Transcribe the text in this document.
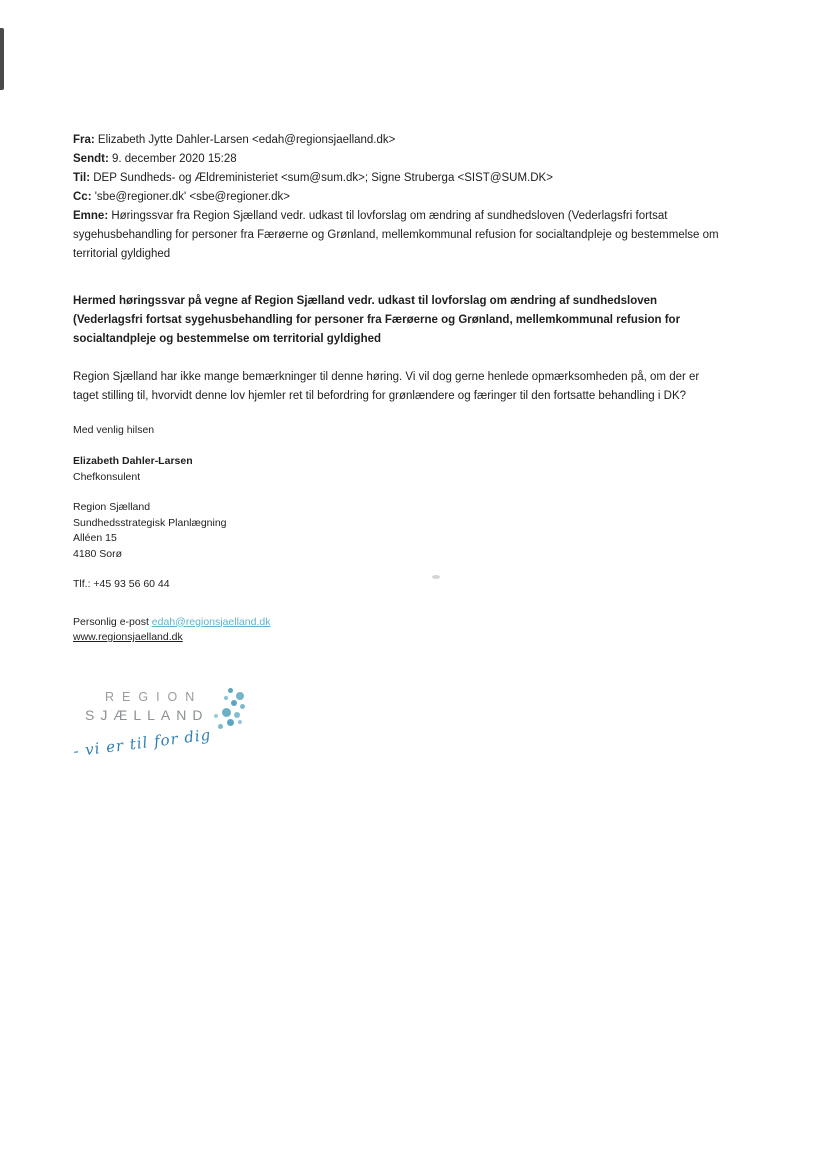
Fra: Elizabeth Jytte Dahler-Larsen <edah@regionsjaelland.dk>
Sendt: 9. december 2020 15:28
Til: DEP Sundheds- og Ældreministeriet <sum@sum.dk>; Signe Struberga <SIST@SUM.DK>
Cc: 'sbe@regioner.dk' <sbe@regioner.dk>
Emne: Høringssvar fra Region Sjælland vedr. udkast til lovforslag om ændring af sundhedsloven (Vederlagsfri fortsat sygehusbehandling for personer fra Færøerne og Grønland, mellemkommunal refusion for socialtandpleje og bestemmelse om territorial gyldighed
Hermed høringssvar på vegne af Region Sjælland vedr. udkast til lovforslag om ændring af sundhedsloven (Vederlagsfri fortsat sygehusbehandling for personer fra Færøerne og Grønland, mellemkommunal refusion for socialtandpleje og bestemmelse om territorial gyldighed
Region Sjælland har ikke mange bemærkninger til denne høring. Vi vil dog gerne henlede opmærksomheden på, om der er taget stilling til, hvorvidt denne lov hjemler ret til befordring for grønlændere og færinger til den fortsatte behandling i DK?
Med venlig hilsen
Elizabeth Dahler-Larsen
Chefkonsulent
Region Sjælland
Sundhedsstrategisk Planlægning
Alléen 15
4180 Sorø
Tlf.: +45 93 56 60 44
Personlig e-post edah@regionsjaelland.dk
www.regionsjaelland.dk
REGION
SJÆLLAND
- vi er til for dig
